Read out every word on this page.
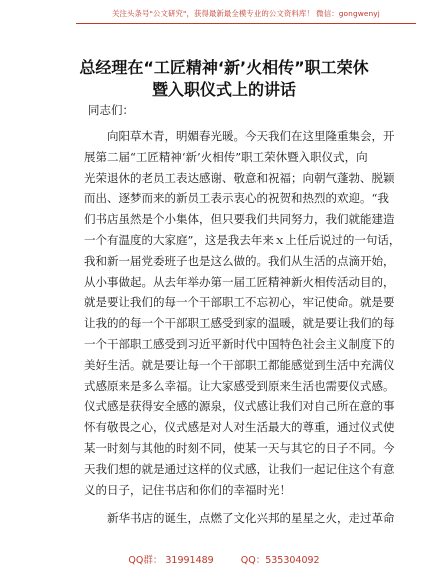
关注头条号"公文研究"，获得最新最全模专业的公文资料库！ 微信：gongwenyj
总经理在“工匠精神‘新’火相传”职工荣休
暨入职仪式上的讲话
同志们：
向阳草木青，明媚春光暖。今天我们在这里隆重集会，开
展第二届“工匠精神‘新’火相传”职工荣休暨入职仪式，向
光荣退休的老员工表达感谢、敬意和祝福；向朝气蓬勃、脱颖
而出、逐梦而来的新员工表示衷心的祝贺和热烈的欢迎。“我
们书店虽然是个小集体，但只要我们共同努力，我们就能建造
一个有温度的大家庭”，这是我去年来ｘ上任后说过的一句话，
我和新一届党委班子也是这么做的。我们从生活的点滴开始，
从小事做起。从去年举办第一届工匠精神新火相传活动目的，
就是要让我们的每一个干部职工不忘初心，牢记使命。就是要
让我的的每一个干部职工感受到家的温暖，就是要让我们的每
一个干部职工感受到习近平新时代中国特色社会主义制度下的
美好生活。就是要让每一个干部职工都能感觉到生活中充满仪
式感原来是多么幸福。让大家感受到原来生活也需要仪式感。
仪式感是获得安全感的源泉，仪式感让我们对自己所在意的事
怀有敬畏之心，仪式感是对人对生活最大的尊重，通过仪式使
某一时刻与其他的时刻不同，使某一天与其它的日子不同。今
天我们想的就是通过这样的仪式感，让我们一起记住这个有意
义的日子，记住书店和你们的幸福时光！
新华书店的诞生，点燃了文化兴邦的星星之火，走过革命
QQ群： 31991489	QQ：535304092
